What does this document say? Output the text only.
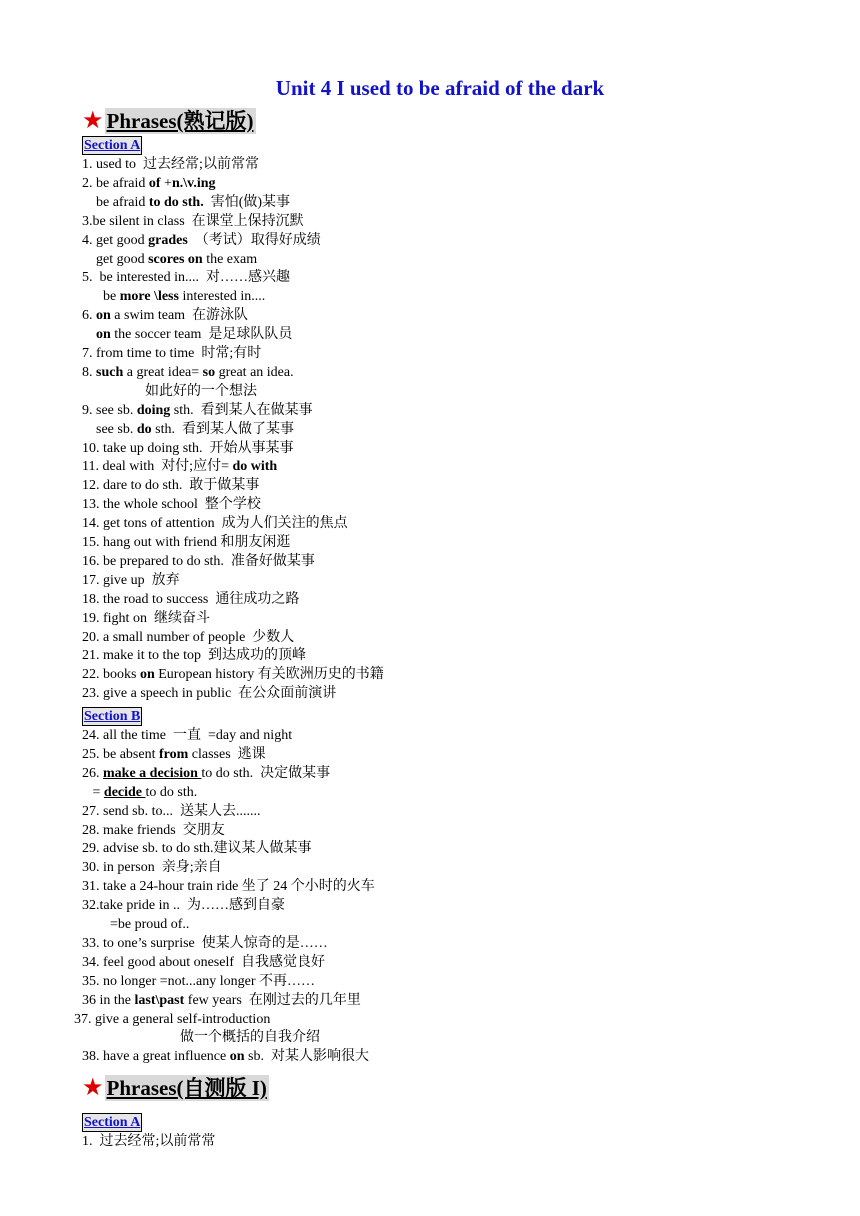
Unit 4 I used to be afraid of the dark
★ Phrases(熟记版)
Section A
1. used to  过去经常;以前常常
2. be afraid of +n.\v.ing
be afraid to do sth.  害怕(做)某事
3.be silent in class  在课堂上保持沉默
4. get good grades  （考试）取得好成绩
get good scores on the exam
5.  be interested in....  对……感兴趣
be more \less interested in....
6. on a swim team  在游泳队
on the soccer team  是足球队队员
7. from time to time  时常;有时
8. such a great idea= so great an idea.
如此好的一个想法
9. see sb. doing sth.  看到某人在做某事
see sb. do sth.  看到某人做了某事
10. take up doing sth.  开始从事某事
11. deal with  对付;应付= do with
12. dare to do sth.  敢于做某事
13. the whole school  整个学校
14. get tons of attention  成为人们关注的焦点
15. hang out with friend 和朋友闲逛
16. be prepared to do sth.  准备好做某事
17. give up  放弃
18. the road to success  通往成功之路
19. fight on  继续奋斗
20. a small number of people  少数人
21. make it to the top  到达成功的顶峰
22. books on European history 有关欧洲历史的书籍
23. give a speech in public  在公众面前演讲
Section B
24. all the time  一直  =day and night
25. be absent from classes  逃课
26. make a decision to do sth.  决定做某事
= decide to do sth.
27. send sb. to...  送某人去.......
28. make friends  交朋友
29. advise sb. to do sth.建议某人做某事
30. in person  亲身;亲自
31. take a 24-hour train ride 坐了 24 个小时的火车
32.take pride in ..  为……感到自豪
=be proud of..
33. to one’s surprise  使某人惊奇的是……
34. feel good about oneself  自我感觉良好
35. no longer =not...any longer 不再……
36 in the last\past few years  在刚过去的几年里
37. give a general self-introduction
做一个概括的自我介绍
38. have a great influence on sb.  对某人影响很大
★ Phrases(自测版 I)
Section A
1.  过去经常;以前常常
